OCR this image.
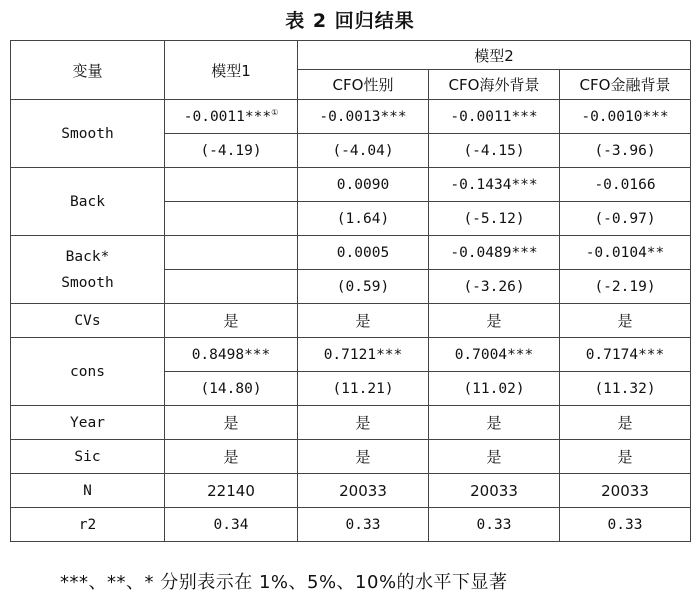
表 2 回归结果
变量	模型1	模型2		
		CFO性别	CFO海外背景	CFO金融背景
Smooth	-0.0011***①	-0.0013***	-0.0011***	-0.0010***
	(-4.19)	(-4.04)	(-4.15)	(-3.96)
Back		0.0090	-0.1434***	-0.0166
		(1.64)	(-5.12)	(-0.97)
Back*
Smooth		0.0005	-0.0489***	-0.0104**
		(0.59)	(-3.26)	(-2.19)
CVs	是	是	是	是
cons	0.8498***	0.7121***	0.7004***	0.7174***
	(14.80)	(11.21)	(11.02)	(11.32)
Year	是	是	是	是
Sic	是	是	是	是
N	22140	20033	20033	20033
r2	0.34	0.33	0.33	0.33
***、**、* 分别表示在 1%、5%、10%的水平下显著
